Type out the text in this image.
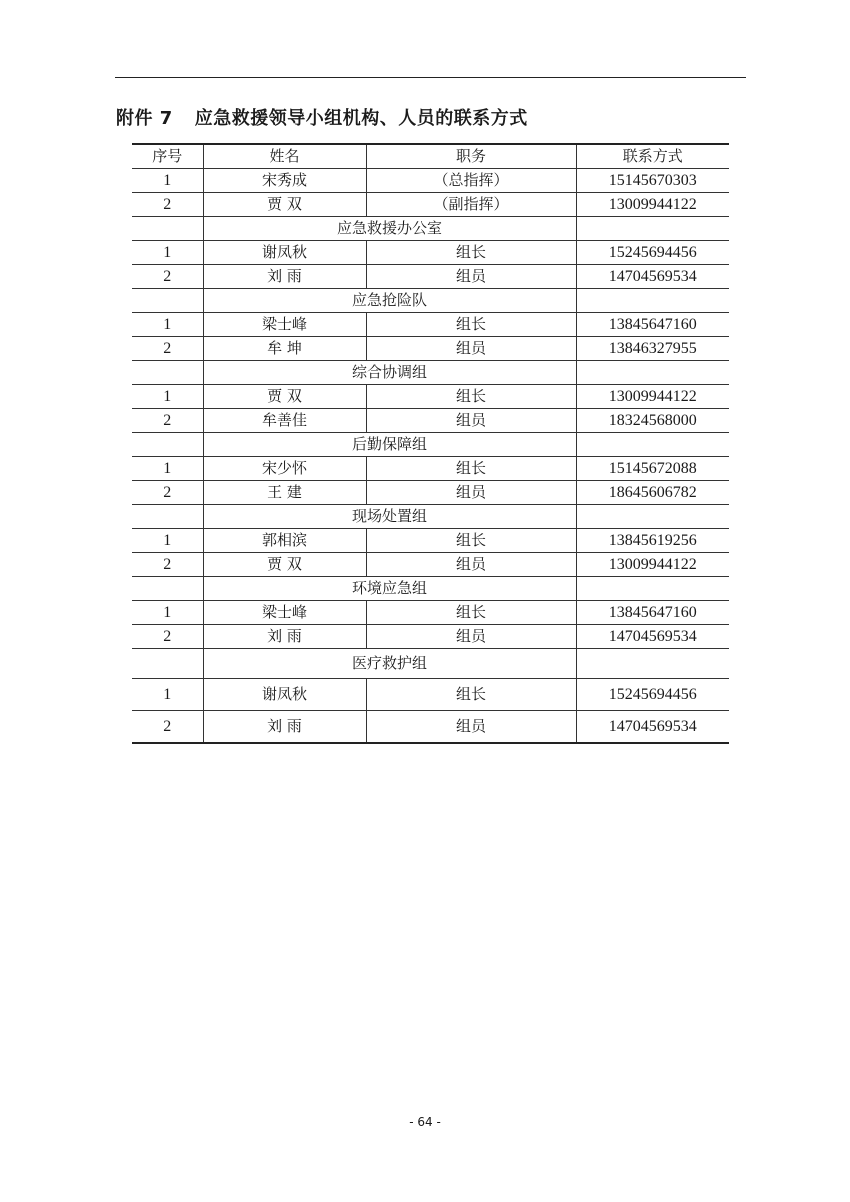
附件 7 应急救援领导小组机构、人员的联系方式
序号	姓名	职务	联系方式
1	宋秀成	（总指挥）	15145670303
2	贾 双	（副指挥）	13009944122
	应急救援办公室		
1	谢凤秋	组长	15245694456
2	刘 雨	组员	14704569534
	应急抢险队		
1	梁士峰	组长	13845647160
2	牟 坤	组员	13846327955
	综合协调组		
1	贾 双	组长	13009944122
2	牟善佳	组员	18324568000
	后勤保障组		
1	宋少怀	组长	15145672088
2	王 建	组员	18645606782
	现场处置组		
1	郭相滨	组长	13845619256
2	贾 双	组员	13009944122
	环境应急组		
1	梁士峰	组长	13845647160
2	刘 雨	组员	14704569534
	医疗救护组		
1	谢凤秋	组长	15245694456
2	刘 雨	组员	14704569534
- 64 -
